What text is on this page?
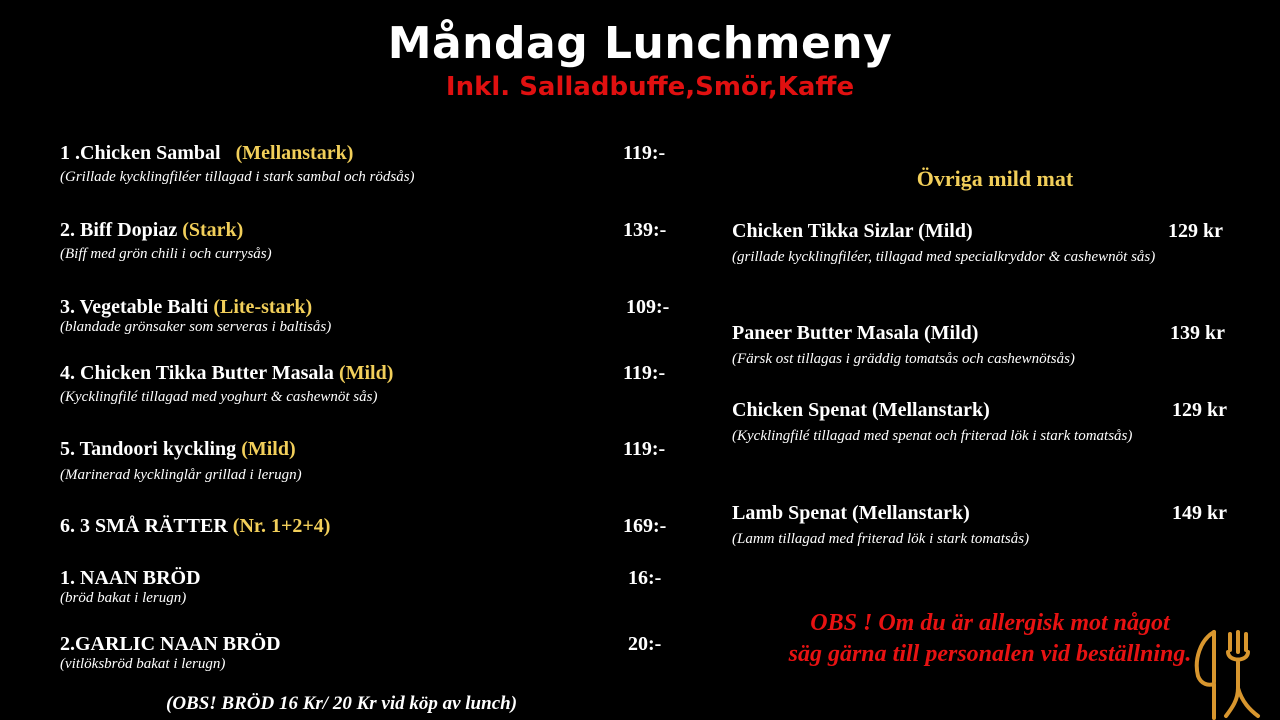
Måndag Lunchmeny
Inkl. Salladbuffe,Smör,Kaffe
1 .Chicken Sambal (Mellanstark)
(Grillade kycklingfiléer tillagad i stark sambal och rödsås)
119:-
2. Biff Dopiaz (Stark)
(Biff med grön chili i och currysås)
139:-
3. Vegetable Balti (Lite-stark)
(blandade grönsaker som serveras i baltisås)
109:-
4. Chicken Tikka Butter Masala (Mild)
(Kycklingfilé tillagad med yoghurt & cashewnöt sås)
119:-
5. Tandoori kyckling (Mild)
(Marinerad kycklinglår grillad i lerugn)
119:-
6. 3 SMÅ RÄTTER (Nr. 1+2+4)	169:-
1. NAAN BRÖD
(bröd bakat i lerugn)
16:-
2.GARLIC NAAN BRÖD
(vitlöksbröd bakat i lerugn)
20:-
(OBS! BRÖD 16 Kr/ 20 Kr vid köp av lunch)
Övriga mild mat
Chicken Tikka Sizlar (Mild)
(grillade kycklingfiléer, tillagad med specialkryddor & cashewnöt sås)
129 kr
Paneer Butter Masala (Mild)
(Färsk ost tillagas i gräddig tomatsås och cashewnötsås)
139 kr
Chicken Spenat (Mellanstark)
(Kycklingfilé tillagad med spenat och friterad lök i stark tomatsås)
129 kr
Lamb Spenat (Mellanstark)
(Lamm tillagad med friterad lök i stark tomatsås)
149 kr
OBS ! Om du är allergisk mot något
säg gärna till personalen vid beställning.
